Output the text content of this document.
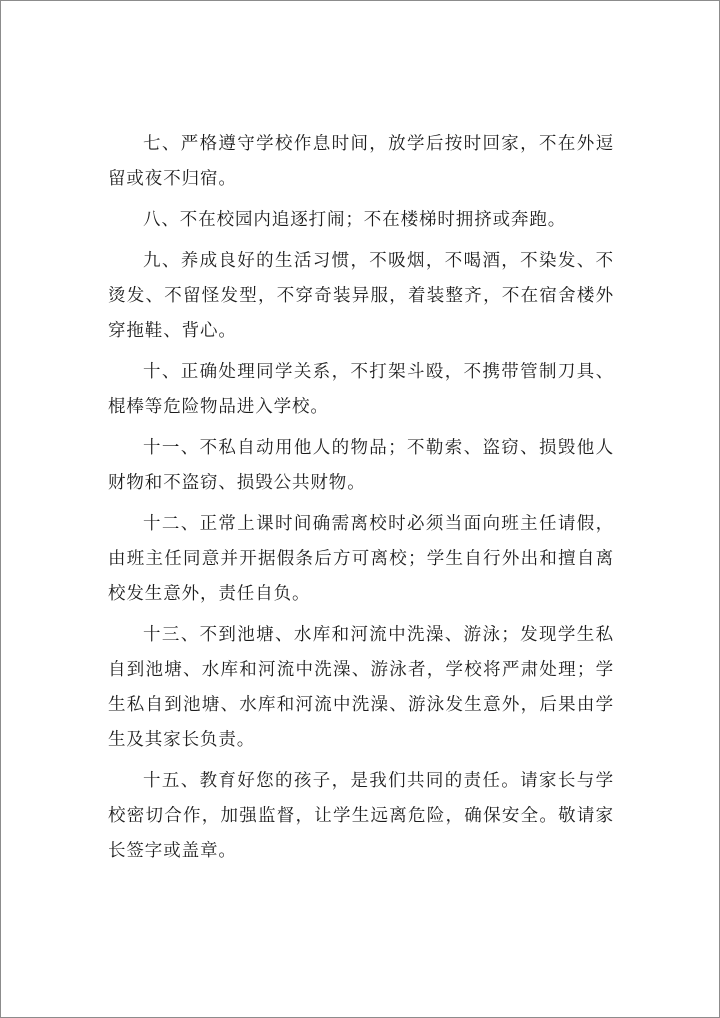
七、严格遵守学校作息时间，放学后按时回家，不在外逗留或夜不归宿。

八、不在校园内追逐打闹；不在楼梯时拥挤或奔跑。

九、养成良好的生活习惯，不吸烟，不喝酒，不染发、不烫发、不留怪发型，不穿奇装异服，着装整齐，不在宿舍楼外穿拖鞋、背心。

十、正确处理同学关系，不打架斗殴，不携带管制刀具、棍棒等危险物品进入学校。

十一、不私自动用他人的物品；不勒索、盗窃、损毁他人财物和不盗窃、损毁公共财物。

十二、正常上课时间确需离校时必须当面向班主任请假，由班主任同意并开据假条后方可离校；学生自行外出和擅自离校发生意外，责任自负。

十三、不到池塘、水库和河流中洗澡、游泳；发现学生私自到池塘、水库和河流中洗澡、游泳者，学校将严肃处理；学生私自到池塘、水库和河流中洗澡、游泳发生意外，后果由学生及其家长负责。

十五、教育好您的孩子，是我们共同的责任。请家长与学校密切合作，加强监督，让学生远离危险，确保安全。敬请家长签字或盖章。
